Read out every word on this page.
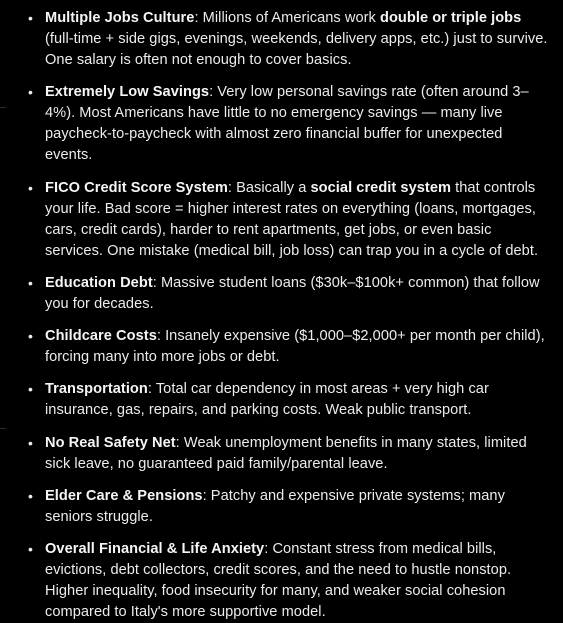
• Multiple Jobs Culture: Millions of Americans work double or triple jobs (full-time + side gigs, evenings, weekends, delivery apps, etc.) just to survive. One salary is often not enough to cover basics.
• Extremely Low Savings: Very low personal savings rate (often around 3–4%). Most Americans have little to no emergency savings — many live paycheck-to-paycheck with almost zero financial buffer for unexpected events.
• FICO Credit Score System: Basically a social credit system that controls your life. Bad score = higher interest rates on everything (loans, mortgages, cars, credit cards), harder to rent apartments, get jobs, or even basic services. One mistake (medical bill, job loss) can trap you in a cycle of debt.
• Education Debt: Massive student loans ($30k–$100k+ common) that follow you for decades.
• Childcare Costs: Insanely expensive ($1,000–$2,000+ per month per child), forcing many into more jobs or debt.
• Transportation: Total car dependency in most areas + very high car insurance, gas, repairs, and parking costs. Weak public transport.
• No Real Safety Net: Weak unemployment benefits in many states, limited sick leave, no guaranteed paid family/parental leave.
• Elder Care & Pensions: Patchy and expensive private systems; many seniors struggle.
• Overall Financial & Life Anxiety: Constant stress from medical bills, evictions, debt collectors, credit scores, and the need to hustle nonstop. Higher inequality, food insecurity for many, and weaker social cohesion compared to Italy's more supportive model.
